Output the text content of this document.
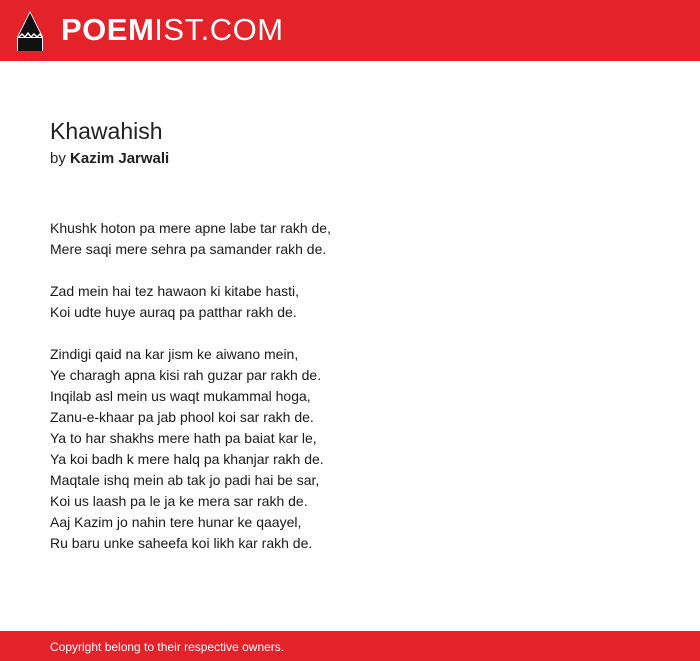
POEMIST.COM
Khawahish
by Kazim Jarwali
Khushk hoton pa mere apne labe tar rakh de,
Mere saqi mere sehra pa samander rakh de.
Zad mein hai tez hawaon ki kitabe hasti,
Koi udte huye auraq pa patthar rakh de.
Zindigi qaid na kar jism ke aiwano mein,
Ye charagh apna kisi rah guzar par rakh de.
Inqilab asl mein us waqt mukammal hoga,
Zanu-e-khaar pa jab phool koi sar rakh de.
Ya to har shakhs mere hath pa baiat kar le,
Ya koi badh k mere halq pa khanjar rakh de.
Maqtale ishq mein ab tak jo padi hai be sar,
Koi us laash pa le ja ke mera sar rakh de.
Aaj Kazim jo nahin tere hunar ke qaayel,
Ru baru unke saheefa koi likh kar rakh de.
Copyright belong to their respective owners.
